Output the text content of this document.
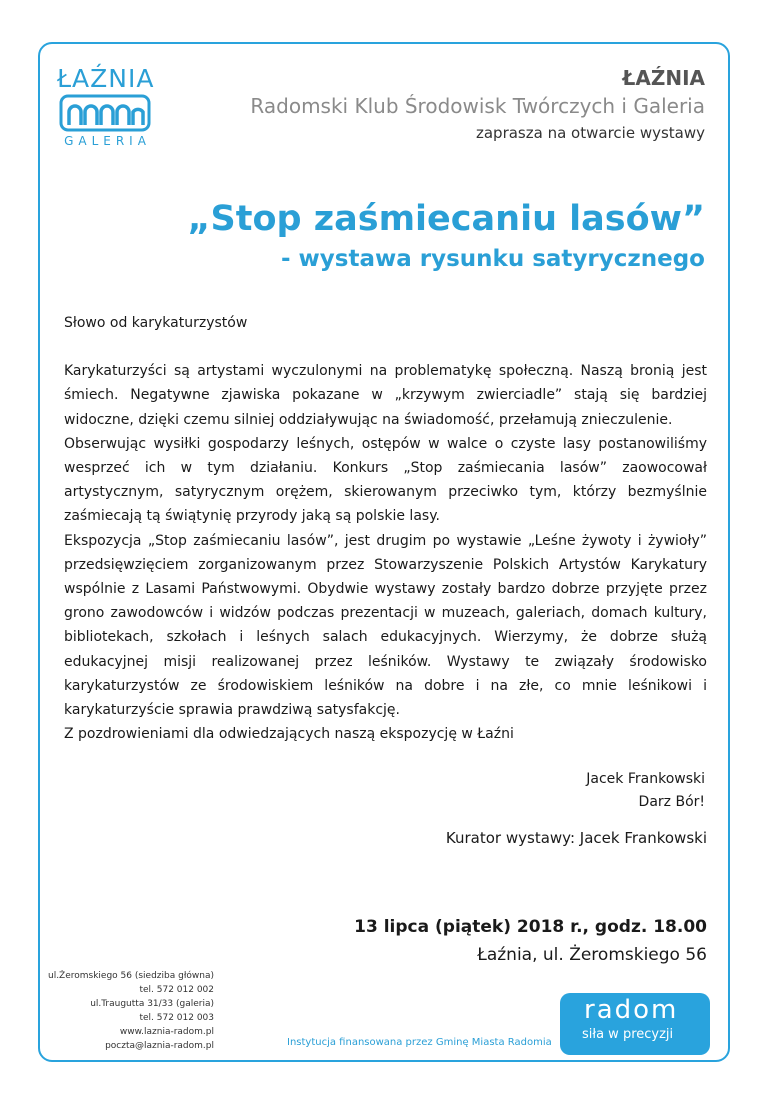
ŁAŹNIA
GALERIA
ŁAŹNIA
Radomski Klub Środowisk Twórczych i Galeria
zaprasza na otwarcie wystawy
„Stop zaśmiecaniu lasów”
- wystawa rysunku satyrycznego

Słowo od karykaturzystów

Karykaturzyści są artystami wyczulonymi na problematykę społeczną. Naszą bronią jest śmiech. Negatywne zjawiska pokazane w „krzywym zwierciadle” stają się bardziej widoczne, dzięki czemu silniej oddziaływując na świadomość, przełamują znieczulenie.

Obserwując wysiłki gospodarzy leśnych, ostępów w walce o czyste lasy postanowiliśmy wesprzeć ich w tym działaniu. Konkurs „Stop zaśmiecania lasów” zaowocował artystycznym, satyrycznym orężem, skierowanym przeciwko tym, którzy bezmyślnie zaśmiecają tą świątynię przyrody jaką są polskie lasy.

Ekspozycja „Stop zaśmiecaniu lasów”, jest drugim po wystawie „Leśne żywoty i żywioły” przedsięwzięciem zorganizowanym przez Stowarzyszenie Polskich Artystów Karykatury wspólnie z Lasami Państwowymi. Obydwie wystawy zostały bardzo dobrze przyjęte przez grono zawodowców i widzów podczas prezentacji w muzeach, galeriach, domach kultury, bibliotekach, szkołach i leśnych salach edukacyjnych. Wierzymy, że dobrze służą edukacyjnej misji realizowanej przez leśników. Wystawy te związały środowisko karykaturzystów ze środowiskiem leśników na dobre i na złe, co mnie leśnikowi i karykaturzyście sprawia prawdziwą satysfakcję.

Z pozdrowieniami dla odwiedzających naszą ekspozycję w Łaźni

Jacek Frankowski
Darz Bór!
Kurator wystawy: Jacek Frankowski
13 lipca (piątek) 2018 r., godz. 18.00
Łaźnia, ul. Żeromskiego 56
ul.Żeromskiego 56 (siedziba główna)
tel. 572 012 002
ul.Traugutta 31/33 (galeria)
tel. 572 012 003
www.laznia-radom.pl
poczta@laznia-radom.pl	Instytucja finansowana przez Gminę Miasta Radomia
radom
siła w precyzji
